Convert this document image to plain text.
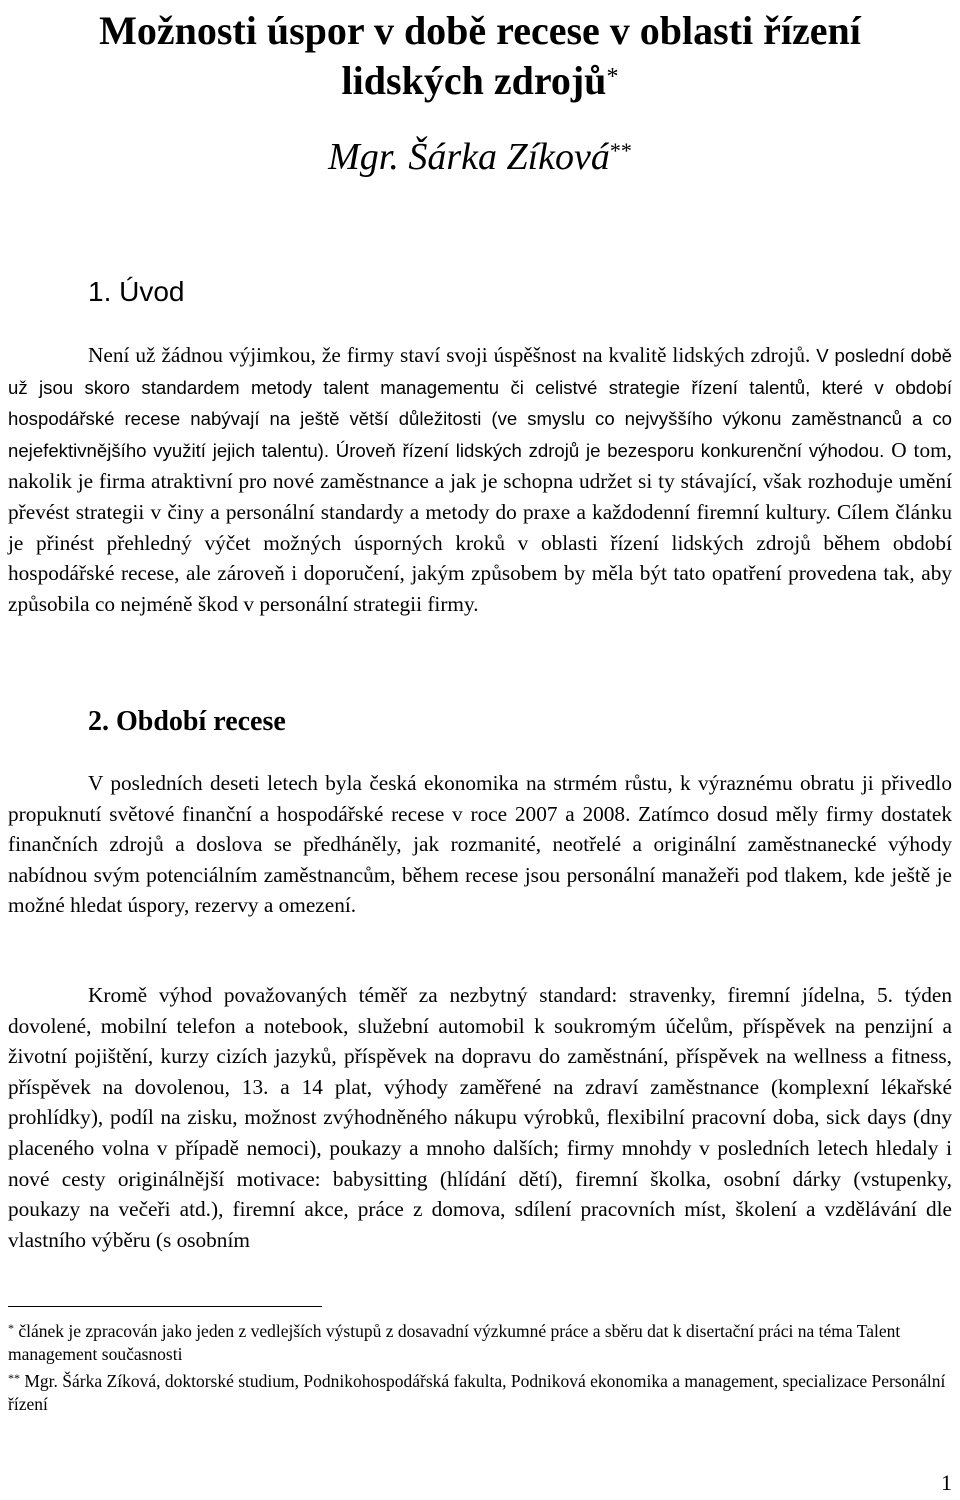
Možnosti úspor v době recese v oblasti řízení
lidských zdrojů*
Mgr. Šárka Zíková**
1. Úvod
Není už žádnou výjimkou, že firmy staví svoji úspěšnost na kvalitě lidských zdrojů. V poslední době už jsou skoro standardem metody talent managementu či celistvé strategie řízení talentů, které v období hospodářské recese nabývají na ještě větší důležitosti (ve smyslu co nejvyššího výkonu zaměstnanců a co nejefektivnějšího využití jejich talentu). Úroveň řízení lidských zdrojů je bezesporu konkurenční výhodou. O tom, nakolik je firma atraktivní pro nové zaměstnance a jak je schopna udržet si ty stávající, však rozhoduje umění převést strategii v činy a personální standardy a metody do praxe a každodenní firemní kultury. Cílem článku je přinést přehledný výčet možných úsporných kroků v oblasti řízení lidských zdrojů během období hospodářské recese, ale zároveň i doporučení, jakým způsobem by měla být tato opatření provedena tak, aby způsobila co nejméně škod v personální strategii firmy.
2. Období recese
V posledních deseti letech byla česká ekonomika na strmém růstu, k výraznému obratu ji přivedlo propuknutí světové finanční a hospodářské recese v roce 2007 a 2008. Zatímco dosud měly firmy dostatek finančních zdrojů a doslova se předháněly, jak rozmanité, neotřelé a originální zaměstnanecké výhody nabídnou svým potenciálním zaměstnancům, během recese jsou personální manažeři pod tlakem, kde ještě je možné hledat úspory, rezervy a omezení.
Kromě výhod považovaných téměř za nezbytný standard: stravenky, firemní jídelna, 5. týden dovolené, mobilní telefon a notebook, služební automobil k soukromým účelům, příspěvek na penzijní a životní pojištění, kurzy cizích jazyků, příspěvek na dopravu do zaměstnání, příspěvek na wellness a fitness, příspěvek na dovolenou, 13. a 14 plat, výhody zaměřené na zdraví zaměstnance (komplexní lékařské prohlídky), podíl na zisku, možnost zvýhodněného nákupu výrobků, flexibilní pracovní doba, sick days (dny placeného volna v případě nemoci), poukazy a mnoho dalších; firmy mnohdy v posledních letech hledaly i nové cesty originálnější motivace: babysitting (hlídání dětí), firemní školka, osobní dárky (vstupenky, poukazy na večeři atd.), firemní akce, práce z domova, sdílení pracovních míst, školení a vzdělávání dle vlastního výběru (s osobním
* článek je zpracován jako jeden z vedlejších výstupů z dosavadní výzkumné práce a sběru dat k disertační práci na téma Talent management současnosti
** Mgr. Šárka Zíková, doktorské studium, Podnikohospodářská fakulta, Podniková ekonomika a management, specializace Personální řízení
1
